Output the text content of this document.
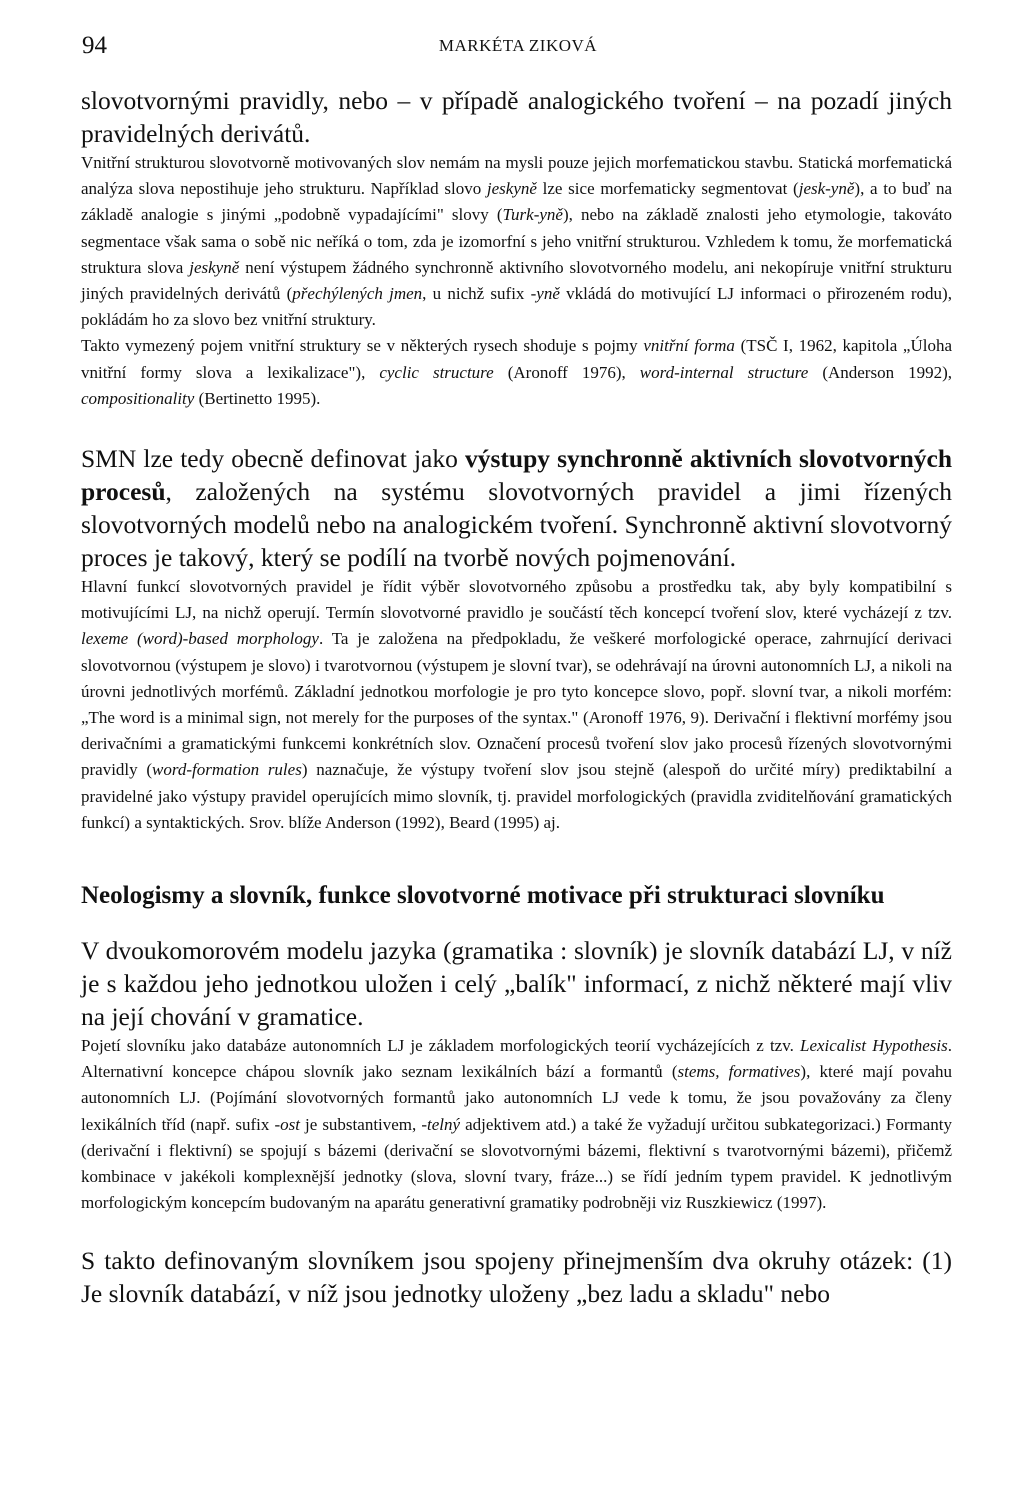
94	MARKÉTA ZIKOVÁ

slovotvornými pravidly, nebo – v případě analogického tvoření – na pozadí jiných pravidelných derivátů.

Vnitřní strukturou slovotvorně motivovaných slov nemám na mysli pouze jejich morfematickou stavbu. Statická morfematická analýza slova nepostihuje jeho strukturu. Například slovo jeskyně lze sice morfematicky segmentovat (jesk-yně), a to buď na základě analogie s jinými „podobně vypadajícími" slovy (Turk-yně), nebo na základě znalosti jeho etymologie, takováto segmentace však sama o sobě nic neříká o tom, zda je izomorfní s jeho vnitřní strukturou. Vzhledem k tomu, že morfematická struktura slova jeskyně není výstupem žádného synchronně aktivního slovotvorného modelu, ani nekopíruje vnitřní strukturu jiných pravidelných derivátů (přechýlených jmen, u nichž sufix -yně vkládá do motivující LJ informaci o přirozeném rodu), pokládám ho za slovo bez vnitřní struktury.

Takto vymezený pojem vnitřní struktury se v některých rysech shoduje s pojmy vnitřní forma (TSČ I, 1962, kapitola „Úloha vnitřní formy slova a lexikalizace"), cyclic structure (Aronoff 1976), word-internal structure (Anderson 1992), compositionality (Bertinetto 1995).

SMN lze tedy obecně definovat jako výstupy synchronně aktivních slovotvorných procesů, založených na systému slovotvorných pravidel a jimi řízených slovotvorných modelů nebo na analogickém tvoření. Synchronně aktivní slovotvorný proces je takový, který se podílí na tvorbě nových pojmenování.

Hlavní funkcí slovotvorných pravidel je řídit výběr slovotvorného způsobu a prostředku tak, aby byly kompatibilní s motivujícími LJ, na nichž operují. Termín slovotvorné pravidlo je součástí těch koncepcí tvoření slov, které vycházejí z tzv. lexeme (word)-based morphology. Ta je založena na předpokladu, že veškeré morfologické operace, zahrnující derivaci slovotvornou (výstupem je slovo) i tvarotvornou (výstupem je slovní tvar), se odehrávají na úrovni autonomních LJ, a nikoli na úrovni jednotlivých morfémů. Základní jednotkou morfologie je pro tyto koncepce slovo, popř. slovní tvar, a nikoli morfém: „The word is a minimal sign, not merely for the purposes of the syntax." (Aronoff 1976, 9). Derivační i flektivní morfémy jsou derivačními a gramatickými funkcemi konkrétních slov. Označení procesů tvoření slov jako procesů řízených slovotvornými pravidly (word-formation rules) naznačuje, že výstupy tvoření slov jsou stejně (alespoň do určité míry) prediktabilní a pravidelné jako výstupy pravidel operujících mimo slovník, tj. pravidel morfologických (pravidla zviditelňování gramatických funkcí) a syntaktických. Srov. blíže Anderson (1992), Beard (1995) aj.

Neologismy a slovník, funkce slovotvorné motivace při strukturaci slovníku

V dvoukomorovém modelu jazyka (gramatika : slovník) je slovník databází LJ, v níž je s každou jeho jednotkou uložen i celý „balík" informací, z nichž některé mají vliv na její chování v gramatice.

Pojetí slovníku jako databáze autonomních LJ je základem morfologických teorií vycházejících z tzv. Lexicalist Hypothesis. Alternativní koncepce chápou slovník jako seznam lexikálních bází a formantů (stems, formatives), které mají povahu autonomních LJ. (Pojímání slovotvorných formantů jako autonomních LJ vede k tomu, že jsou považovány za členy lexikálních tříd (např. sufix -ost je substantivem, -telný adjektivem atd.) a také že vyžadují určitou subkategorizaci.) Formanty (derivační i flektivní) se spojují s bázemi (derivační se slovotvornými bázemi, flektivní s tvarotvornými bázemi), přičemž kombinace v jakékoli komplexnější jednotky (slova, slovní tvary, fráze...) se řídí jedním typem pravidel. K jednotlivým morfologickým koncepcím budovaným na aparátu generativní gramatiky podrobněji viz Ruszkiewicz (1997).

S takto definovaným slovníkem jsou spojeny přinejmenším dva okruhy otázek: (1) Je slovník databází, v níž jsou jednotky uloženy „bez ladu a skladu" nebo
